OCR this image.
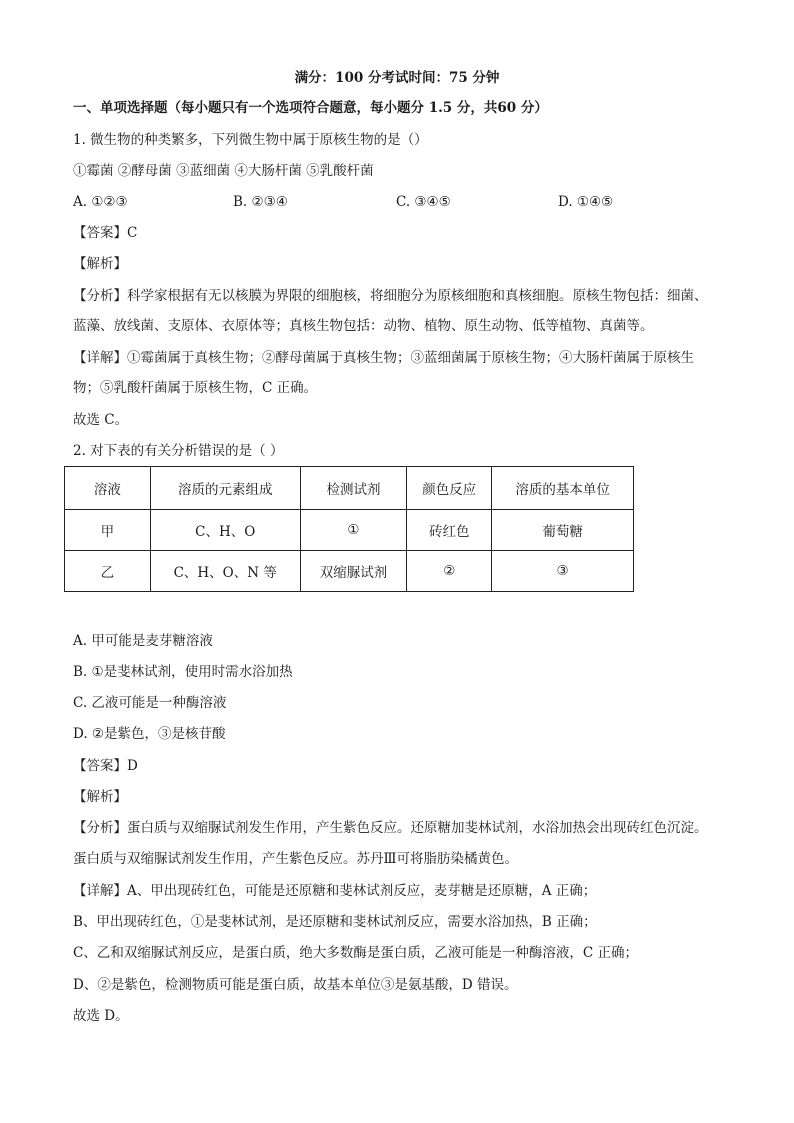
满分：100 分考试时间：75 分钟
一、单项选择题（每小题只有一个选项符合题意，每小题分 1.5 分，共60 分）
1. 微生物的种类繁多，下列微生物中属于原核生物的是（）
①霉菌 ②酵母菌 ③蓝细菌 ④大肠杆菌 ⑤乳酸杆菌
A. ①②③	B. ②③④	C. ③④⑤	D. ①④⑤
【答案】C
【解析】
【分析】科学家根据有无以核膜为界限的细胞核，将细胞分为原核细胞和真核细胞。原核生物包括：细菌、
蓝藻、放线菌、支原体、衣原体等；真核生物包括：动物、植物、原生动物、低等植物、真菌等。
【详解】①霉菌属于真核生物；②酵母菌属于真核生物；③蓝细菌属于原核生物；④大肠杆菌属于原核生
物；⑤乳酸杆菌属于原核生物，C 正确。
故选 C。
2. 对下表的有关分析错误的是（ ）
溶液	溶质的元素组成	检测试剂	颜色反应	溶质的基本单位
甲	C、H、O	①	砖红色	葡萄糖
乙	C、H、O、N 等	双缩脲试剂	②	③
A. 甲可能是麦芽糖溶液
B. ①是斐林试剂，使用时需水浴加热
C. 乙液可能是一种酶溶液
D. ②是紫色，③是核苷酸
【答案】D
【解析】
【分析】蛋白质与双缩脲试剂发生作用，产生紫色反应。还原糖加斐林试剂，水浴加热会出现砖红色沉淀。
蛋白质与双缩脲试剂发生作用，产生紫色反应。苏丹Ⅲ可将脂肪染橘黄色。
【详解】A、甲出现砖红色，可能是还原糖和斐林试剂反应，麦芽糖是还原糖，A 正确；
B、甲出现砖红色，①是斐林试剂，是还原糖和斐林试剂反应，需要水浴加热，B 正确；
C、乙和双缩脲试剂反应，是蛋白质，绝大多数酶是蛋白质，乙液可能是一种酶溶液，C 正确；
D、②是紫色，检测物质可能是蛋白质，故基本单位③是氨基酸，D 错误。
故选 D。
